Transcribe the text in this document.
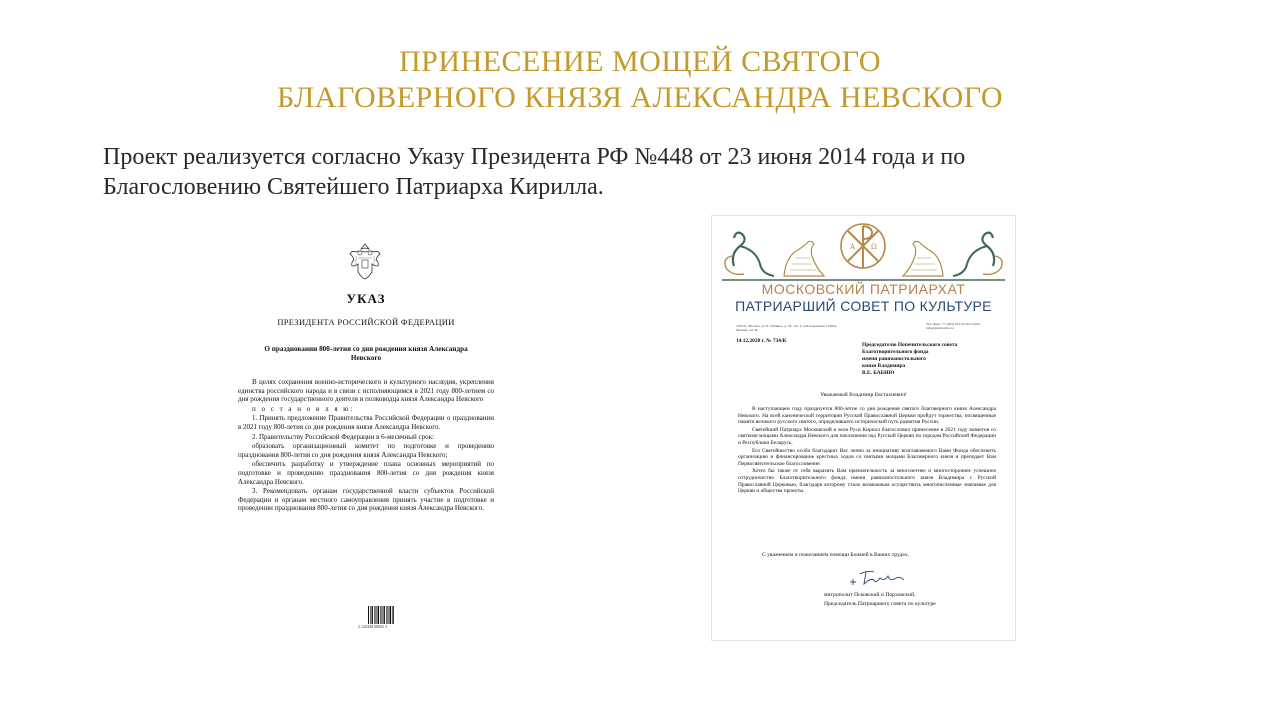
ПРИНЕСЕНИЕ МОЩЕЙ СВЯТОГО
БЛАГОВЕРНОГО КНЯЗЯ АЛЕКСАНДРА НЕВСКОГО
Проект реализуется согласно Указу Президента РФ №448 от 23 июня 2014 года и по
Благословению Святейшего Патриарха Кирилла.
УКАЗ
ПРЕЗИДЕНТА РОССИЙСКОЙ ФЕДЕРАЦИИ
О праздновании 800-летия со дня рождения князя Александра Невского

В целях сохранения военно-исторического и культурного наследия, укрепления единства российского народа и в связи с исполняющимся в 2021 году 800-летием со дня рождения государственного деятеля и полководца князя Александра Невского

п о с т а н о в л я ю:

1. Принять предложение Правительства Российской Федерации о праздновании в 2021 году 800-летия со дня рождения князя Александра Невского.

2. Правительству Российской Федерации в 6-месячный срок:

образовать организационный комитет по подготовке и проведению празднования 800-летия со дня рождения князя Александра Невского;

обеспечить разработку и утверждение плана основных мероприятий по подготовке и проведению празднования 800-летия со дня рождения князя Александра Невского.

3. Рекомендовать органам государственной власти субъектов Российской Федерации и органам местного самоуправления принять участие в подготовке и проведении празднования 800-летия со дня рождения князя Александра Невского.

2 120448 00002 3
A Ω
МОСКОВСКИЙ ПАТРИАРХАТ
ПАТРИАРШИЙ СОВЕТ ПО КУЛЬТУРЕ
107031, Москва, ул. Б. Лубянка, д. 19, стр. 2; для переписки 119034, Москва, а/я 46
Тел./факс: +7 (495) 621-02-84 e-mail: info@patriarchia.ru
14.12.2020 г. № 734/К
Председателю Попечительского совета
Благотворительного фонда
имени равноапостольного
князя Владимира
В.Е. БАБИЮ
Уважаемый Владимир Евстахиевич!

В наступающем году празднуется 800-летие со дня рождения святого благоверного князя Александра Невского. На всей канонической территории Русской Православной Церкви пройдут торжества, посвященные памяти великого русского святого, определившего исторический путь развития России.

Святейший Патриарх Московский и всея Руси Кирилл благословил принесение в 2021 году ковчегов со святыми мощами Александра Невского для поклонения чад Русской Церкви по городам Российской Федерации и Республики Беларусь.

Его Святейшество особо благодарит Вас лично за инициативу возглавляемого Вами Фонда обеспечить организацию и финансирование крестных ходов со святыми мощами Благоверного князя и преподает Вам Первосвятительское благословение.

Хотел бы также от себя выразить Вам признательность за многолетнее и многостороннее успешное сотрудничество Благотворительного фонда имени равноапостольного князя Владимира с Русской Православной Церковью, благодаря которому стало возможным осуществить многочисленные значимые для Церкви и общества проекты.

С уважением и пожеланием помощи Божией в Ваших трудах,
митрополит Псковский и Порховский,
Председатель Патриаршего совета по культуре
